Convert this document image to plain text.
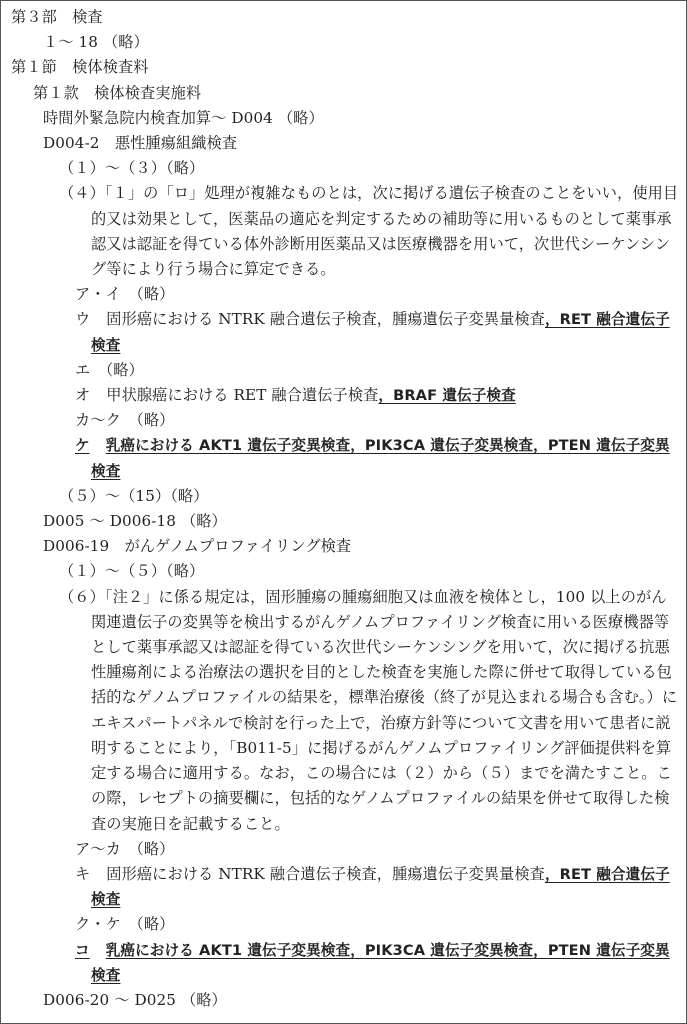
第３部　検査
１～ 18 （略）
第１節　検体検査料
第１款　検体検査実施料
時間外緊急院内検査加算～ D004 （略）
D004-2　悪性腫瘍組織検査
（１）～（３）（略）
（４）「１」の「ロ」処理が複雑なものとは，次に掲げる遺伝子検査のことをいい，使用目的又は効果として，医薬品の適応を判定するための補助等に用いるものとして薬事承認又は認証を得ている体外診断用医薬品又は医療機器を用いて，次世代シーケンシング等により行う場合に算定できる。
ア・イ　（略）
ウ 固形癌における NTRK 融合遺伝子検査，腫瘍遺伝子変異量検査，RET 融合遺伝子検査
エ　（略）
オ 甲状腺癌における RET 融合遺伝子検査，BRAF 遺伝子検査
カ～ク　（略）
ケ 乳癌における AKT1 遺伝子変異検査，PIK3CA 遺伝子変異検査，PTEN 遺伝子変異検査
（５）～（15）（略）
D005 ～ D006-18 （略）
D006-19　がんゲノムプロファイリング検査
（１）～（５）（略）
（６）「注２」に係る規定は，固形腫瘍の腫瘍細胞又は血液を検体とし，100 以上のがん関連遺伝子の変異等を検出するがんゲノムプロファイリング検査に用いる医療機器等として薬事承認又は認証を得ている次世代シーケンシングを用いて，次に掲げる抗悪性腫瘍剤による治療法の選択を目的とした検査を実施した際に併せて取得している包括的なゲノムプロファイルの結果を，標準治療後（終了が見込まれる場合も含む。）にエキスパートパネルで検討を行った上で，治療方針等について文書を用いて患者に説明することにより，「B011-5」に掲げるがんゲノムプロファイリング評価提供料を算定する場合に適用する。なお，この場合には（２）から（５）までを満たすこと。この際，レセプトの摘要欄に，包括的なゲノムプロファイルの結果を併せて取得した検査の実施日を記載すること。
ア～カ　（略）
キ 固形癌における NTRK 融合遺伝子検査，腫瘍遺伝子変異量検査，RET 融合遺伝子検査
ク・ケ　（略）
コ 乳癌における AKT1 遺伝子変異検査，PIK3CA 遺伝子変異検査，PTEN 遺伝子変異検査
D006-20 ～ D025 （略）
